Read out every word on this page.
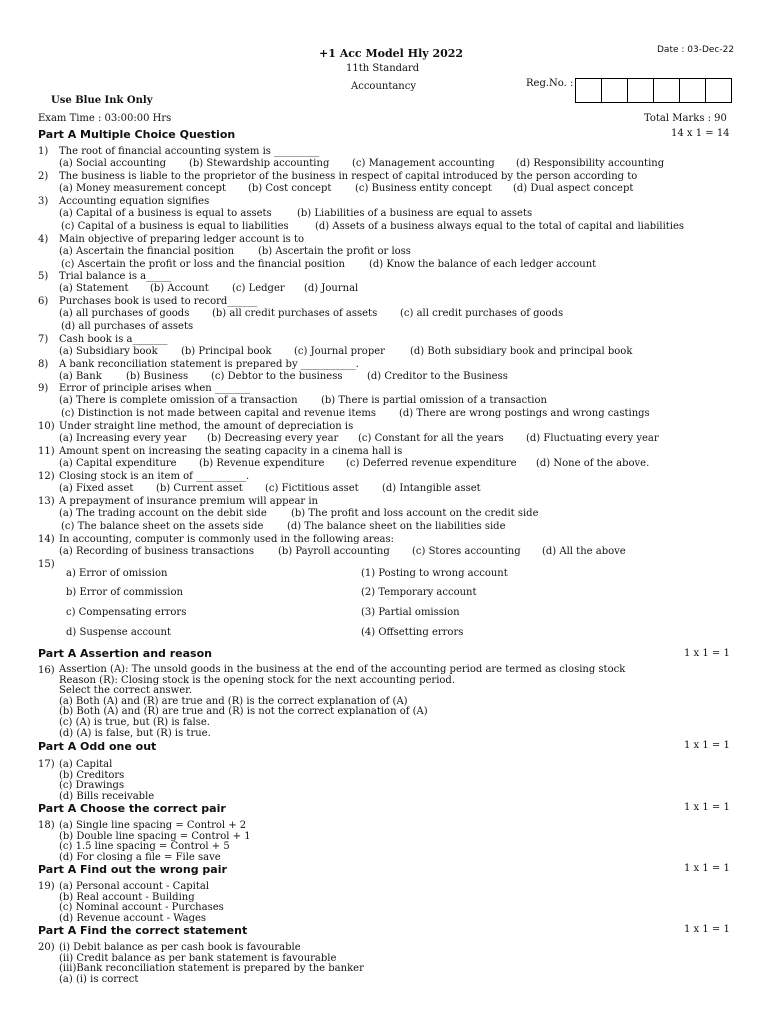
Date : 03-Dec-22
+1 Acc Model Hly 2022
11th Standard
Accountancy	Reg.No. :
Use Blue Ink Only
Exam Time : 03:00:00 Hrs	Total Marks : 90
Part A Multiple Choice Question	14 x 1 = 14
1) The root of financial accounting system is _________
(a) Social accounting (b) Stewardship accounting (c) Management accounting (d) Responsibility accounting
2) The business is liable to the proprietor of the business in respect of capital introduced by the person according to
(a) Money measurement concept (b) Cost concept (c) Business entity concept (d) Dual aspect concept
3) Accounting equation signifies
(a) Capital of a business is equal to assets	(b) Liabilities of a business are equal to assets
(c) Capital of a business is equal to liabilities	(d) Assets of a business always equal to the total of capital and liabilities
4) Main objective of preparing ledger account is to
(a) Ascertain the financial position (b) Ascertain the profit or loss
(c) Ascertain the profit or loss and the financial position (d) Know the balance of each ledger account
5) Trial balance is a_____
(a) Statement (b) Account (c) Ledger (d) Journal
6) Purchases book is used to record______
(a) all purchases of goods (b) all credit purchases of assets (c) all credit purchases of goods
(d) all purchases of assets
7) Cash book is a_______
(a) Subsidiary book (b) Principal book (c) Journal proper	(d) Both subsidiary book and principal book
8) A bank reconciliation statement is prepared by ___________.
(a) Bank (b) Business (c) Debtor to the business (d) Creditor to the Business
9) Error of principle arises when _______
(a) There is complete omission of a transaction (b) There is partial omission of a transaction
(c) Distinction is not made between capital and revenue items (d) There are wrong postings and wrong castings
10) Under straight line method, the amount of depreciation is
(a) Increasing every year (b) Decreasing every year (c) Constant for all the years (d) Fluctuating every year
11) Amount spent on increasing the seating capacity in a cinema hall is
(a) Capital expenditure (b) Revenue expenditure (c) Deferred revenue expenditure (d) None of the above.
12) Closing stock is an item of __________.
(a) Fixed asset (b) Current asset (c) Fictitious asset (d) Intangible asset
13) A prepayment of insurance premium will appear in
(a) The trading account on the debit side (b) The profit and loss account on the credit side
(c) The balance sheet on the assets side (d) The balance sheet on the liabilities side
14) In accounting, computer is commonly used in the following areas:
(a) Recording of business transactions (b) Payroll accounting (c) Stores accounting (d) All the above
15)
a) Error of omission	(1) Posting to wrong account
b) Error of commission	(2) Temporary account
c) Compensating errors	(3) Partial omission
d) Suspense account	(4) Offsetting errors
Part A Assertion and reason	1 x 1 = 1
16) Assertion (A): The unsold goods in the business at the end of the accounting period are termed as closing stock
Reason (R): Closing stock is the opening stock for the next accounting period.
Select the correct answer.
(a) Both (A) and (R) are true and (R) is the correct explanation of (A)
(b) Both (A) and (R) are true and (R) is not the correct explanation of (A)
(c) (A) is true, but (R) is false.
(d) (A) is false, but (R) is true.
Part A Odd one out	1 x 1 = 1
17) (a) Capital
(b) Creditors
(c) Drawings
(d) Bills receivable
Part A Choose the correct pair	1 x 1 = 1
18) (a) Single line spacing = Control + 2
(b) Double line spacing = Control + 1
(c) 1.5 line spacing = Control + 5
(d) For closing a file = File save
Part A Find out the wrong pair	1 x 1 = 1
19) (a) Personal account - Capital
(b) Real account - Building
(c) Nominal account - Purchases
(d) Revenue account - Wages
Part A Find the correct statement	1 x 1 = 1
20) (i) Debit balance as per cash book is favourable
(ii) Credit balance as per bank statement is favourable
(iii)Bank reconciliation statement is prepared by the banker
(a) (i) is correct
